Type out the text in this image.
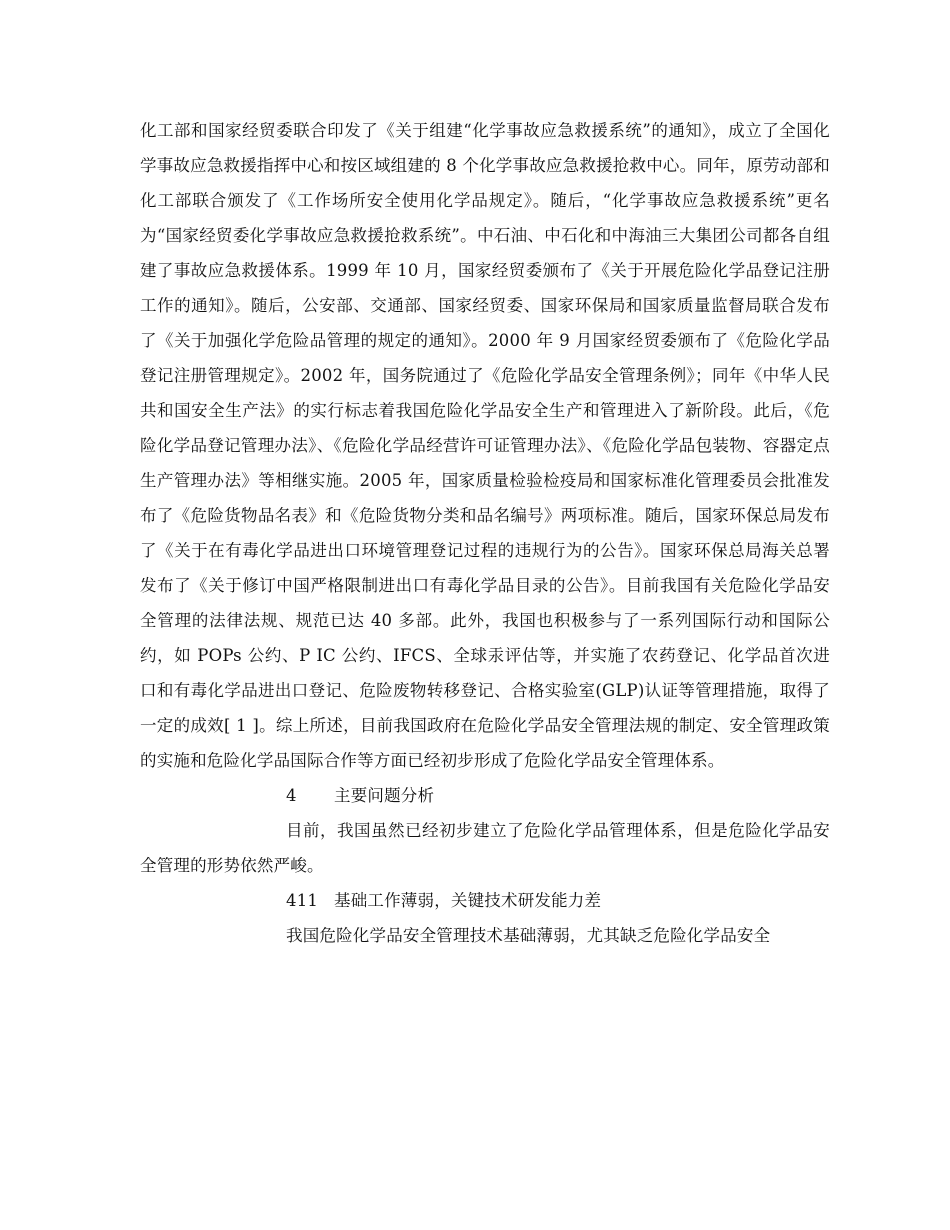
化工部和国家经贸委联合印发了《关于组建“化学事故应急救援系统”的通知》，成立了全国化学事故应急救援指挥中心和按区域组建的 8 个化学事故应急救援抢救中心。同年，原劳动部和化工部联合颁发了《工作场所安全使用化学品规定》。随后，“化学事故应急救援系统”更名为“国家经贸委化学事故应急救援抢救系统”。中石油、中石化和中海油三大集团公司都各自组建了事故应急救援体系。1999 年 10 月，国家经贸委颁布了《关于开展危险化学品登记注册工作的通知》。随后，公安部、交通部、国家经贸委、国家环保局和国家质量监督局联合发布了《关于加强化学危险品管理的规定的通知》。2000 年 9 月国家经贸委颁布了《危险化学品登记注册管理规定》。2002 年，国务院通过了《危险化学品安全管理条例》；同年《中华人民共和国安全生产法》的实行标志着我国危险化学品安全生产和管理进入了新阶段。此后，《危险化学品登记管理办法》、《危险化学品经营许可证管理办法》、《危险化学品包装物、容器定点生产管理办法》等相继实施。2005 年，国家质量检验检疫局和国家标准化管理委员会批准发布了《危险货物品名表》和《危险货物分类和品名编号》两项标准。随后，国家环保总局发布了《关于在有毒化学品进出口环境管理登记过程的违规行为的公告》。国家环保总局海关总署发布了《关于修订中国严格限制进出口有毒化学品目录的公告》。目前我国有关危险化学品安全管理的法律法规、规范已达 40 多部。此外，我国也积极参与了一系列国际行动和国际公约，如 POPs 公约、P IC 公约、IFCS、全球汞评估等，并实施了农药登记、化学品首次进口和有毒化学品进出口登记、危险废物转移登记、合格实验室(GLP)认证等管理措施，取得了一定的成效[ 1 ]。综上所述，目前我国政府在危险化学品安全管理法规的制定、安全管理政策的实施和危险化学品国际合作等方面已经初步形成了危险化学品安全管理体系。

4 主要问题分析

目前，我国虽然已经初步建立了危险化学品管理体系，但是危险化学品安全管理的形势依然严峻。

411 基础工作薄弱，关键技术研发能力差

我国危险化学品安全管理技术基础薄弱，尤其缺乏危险化学品安全
